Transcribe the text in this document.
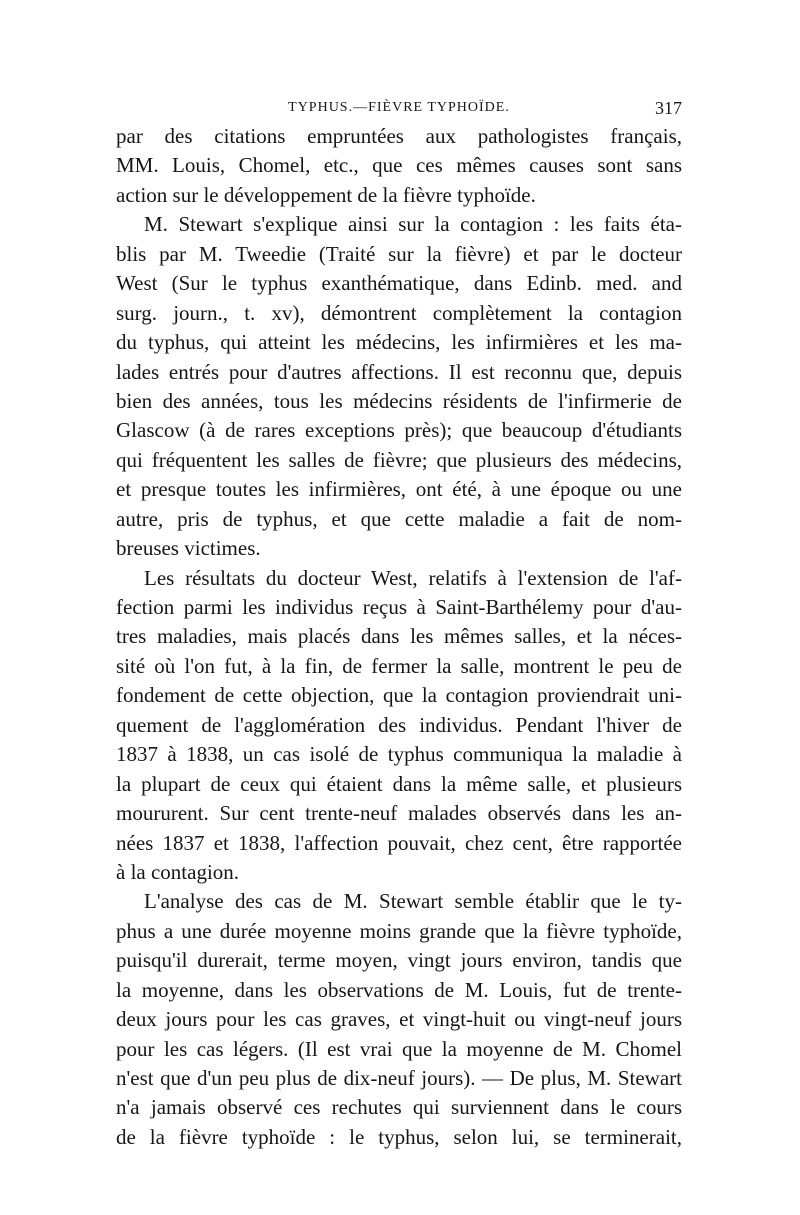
TYPHUS.—FIÈVRE TYPHOÏDE.	317

par des citations empruntées aux pathologistes français,
MM. Louis, Chomel, etc., que ces mêmes causes sont sans
action sur le développement de la fièvre typhoïde.

M. Stewart s'explique ainsi sur la contagion : les faits éta-
blis par M. Tweedie (Traité sur la fièvre) et par le docteur
West (Sur le typhus exanthématique, dans Edinb. med. and
surg. journ., t. xv), démontrent complètement la contagion
du typhus, qui atteint les médecins, les infirmières et les ma-
lades entrés pour d'autres affections. Il est reconnu que, depuis
bien des années, tous les médecins résidents de l'infirmerie de
Glascow (à de rares exceptions près); que beaucoup d'étudiants
qui fréquentent les salles de fièvre; que plusieurs des médecins,
et presque toutes les infirmières, ont été, à une époque ou une
autre, pris de typhus, et que cette maladie a fait de nom-
breuses victimes.

Les résultats du docteur West, relatifs à l'extension de l'af-
fection parmi les individus reçus à Saint-Barthélemy pour d'au-
tres maladies, mais placés dans les mêmes salles, et la néces-
sité où l'on fut, à la fin, de fermer la salle, montrent le peu de
fondement de cette objection, que la contagion proviendrait uni-
quement de l'agglomération des individus. Pendant l'hiver de
1837 à 1838, un cas isolé de typhus communiqua la maladie à
la plupart de ceux qui étaient dans la même salle, et plusieurs
moururent. Sur cent trente-neuf malades observés dans les an-
nées 1837 et 1838, l'affection pouvait, chez cent, être rapportée
à la contagion.

L'analyse des cas de M. Stewart semble établir que le ty-
phus a une durée moyenne moins grande que la fièvre typhoïde,
puisqu'il durerait, terme moyen, vingt jours environ, tandis que
la moyenne, dans les observations de M. Louis, fut de trente-
deux jours pour les cas graves, et vingt-huit ou vingt-neuf jours
pour les cas légers. (Il est vrai que la moyenne de M. Chomel
n'est que d'un peu plus de dix-neuf jours). — De plus, M. Stewart
n'a jamais observé ces rechutes qui surviennent dans le cours
de la fièvre typhoïde : le typhus, selon lui, se terminerait,
